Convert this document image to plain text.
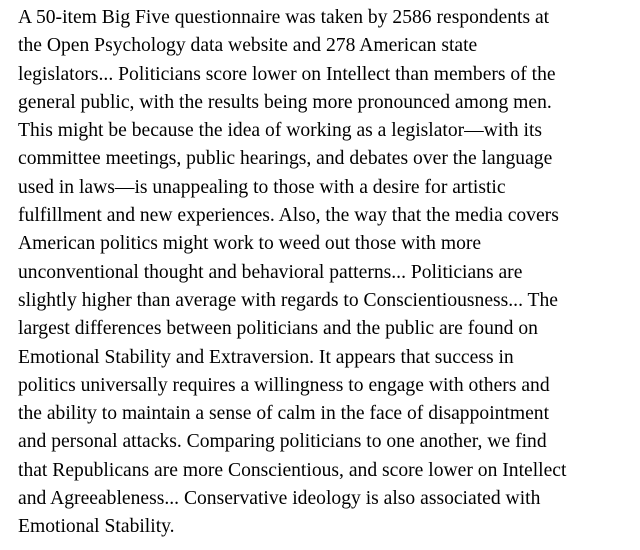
A 50-item Big Five questionnaire was taken by 2586 respondents at
the Open Psychology data website and 278 American state
legislators... Politicians score lower on Intellect than members of the
general public, with the results being more pronounced among men.
This might be because the idea of working as a legislator—with its
committee meetings, public hearings, and debates over the language
used in laws—is unappealing to those with a desire for artistic
fulfillment and new experiences. Also, the way that the media covers
American politics might work to weed out those with more
unconventional thought and behavioral patterns... Politicians are
slightly higher than average with regards to Conscientiousness... The
largest differences between politicians and the public are found on
Emotional Stability and Extraversion. It appears that success in
politics universally requires a willingness to engage with others and
the ability to maintain a sense of calm in the face of disappointment
and personal attacks. Comparing politicians to one another, we find
that Republicans are more Conscientious, and score lower on Intellect
and Agreeableness... Conservative ideology is also associated with
Emotional Stability.
